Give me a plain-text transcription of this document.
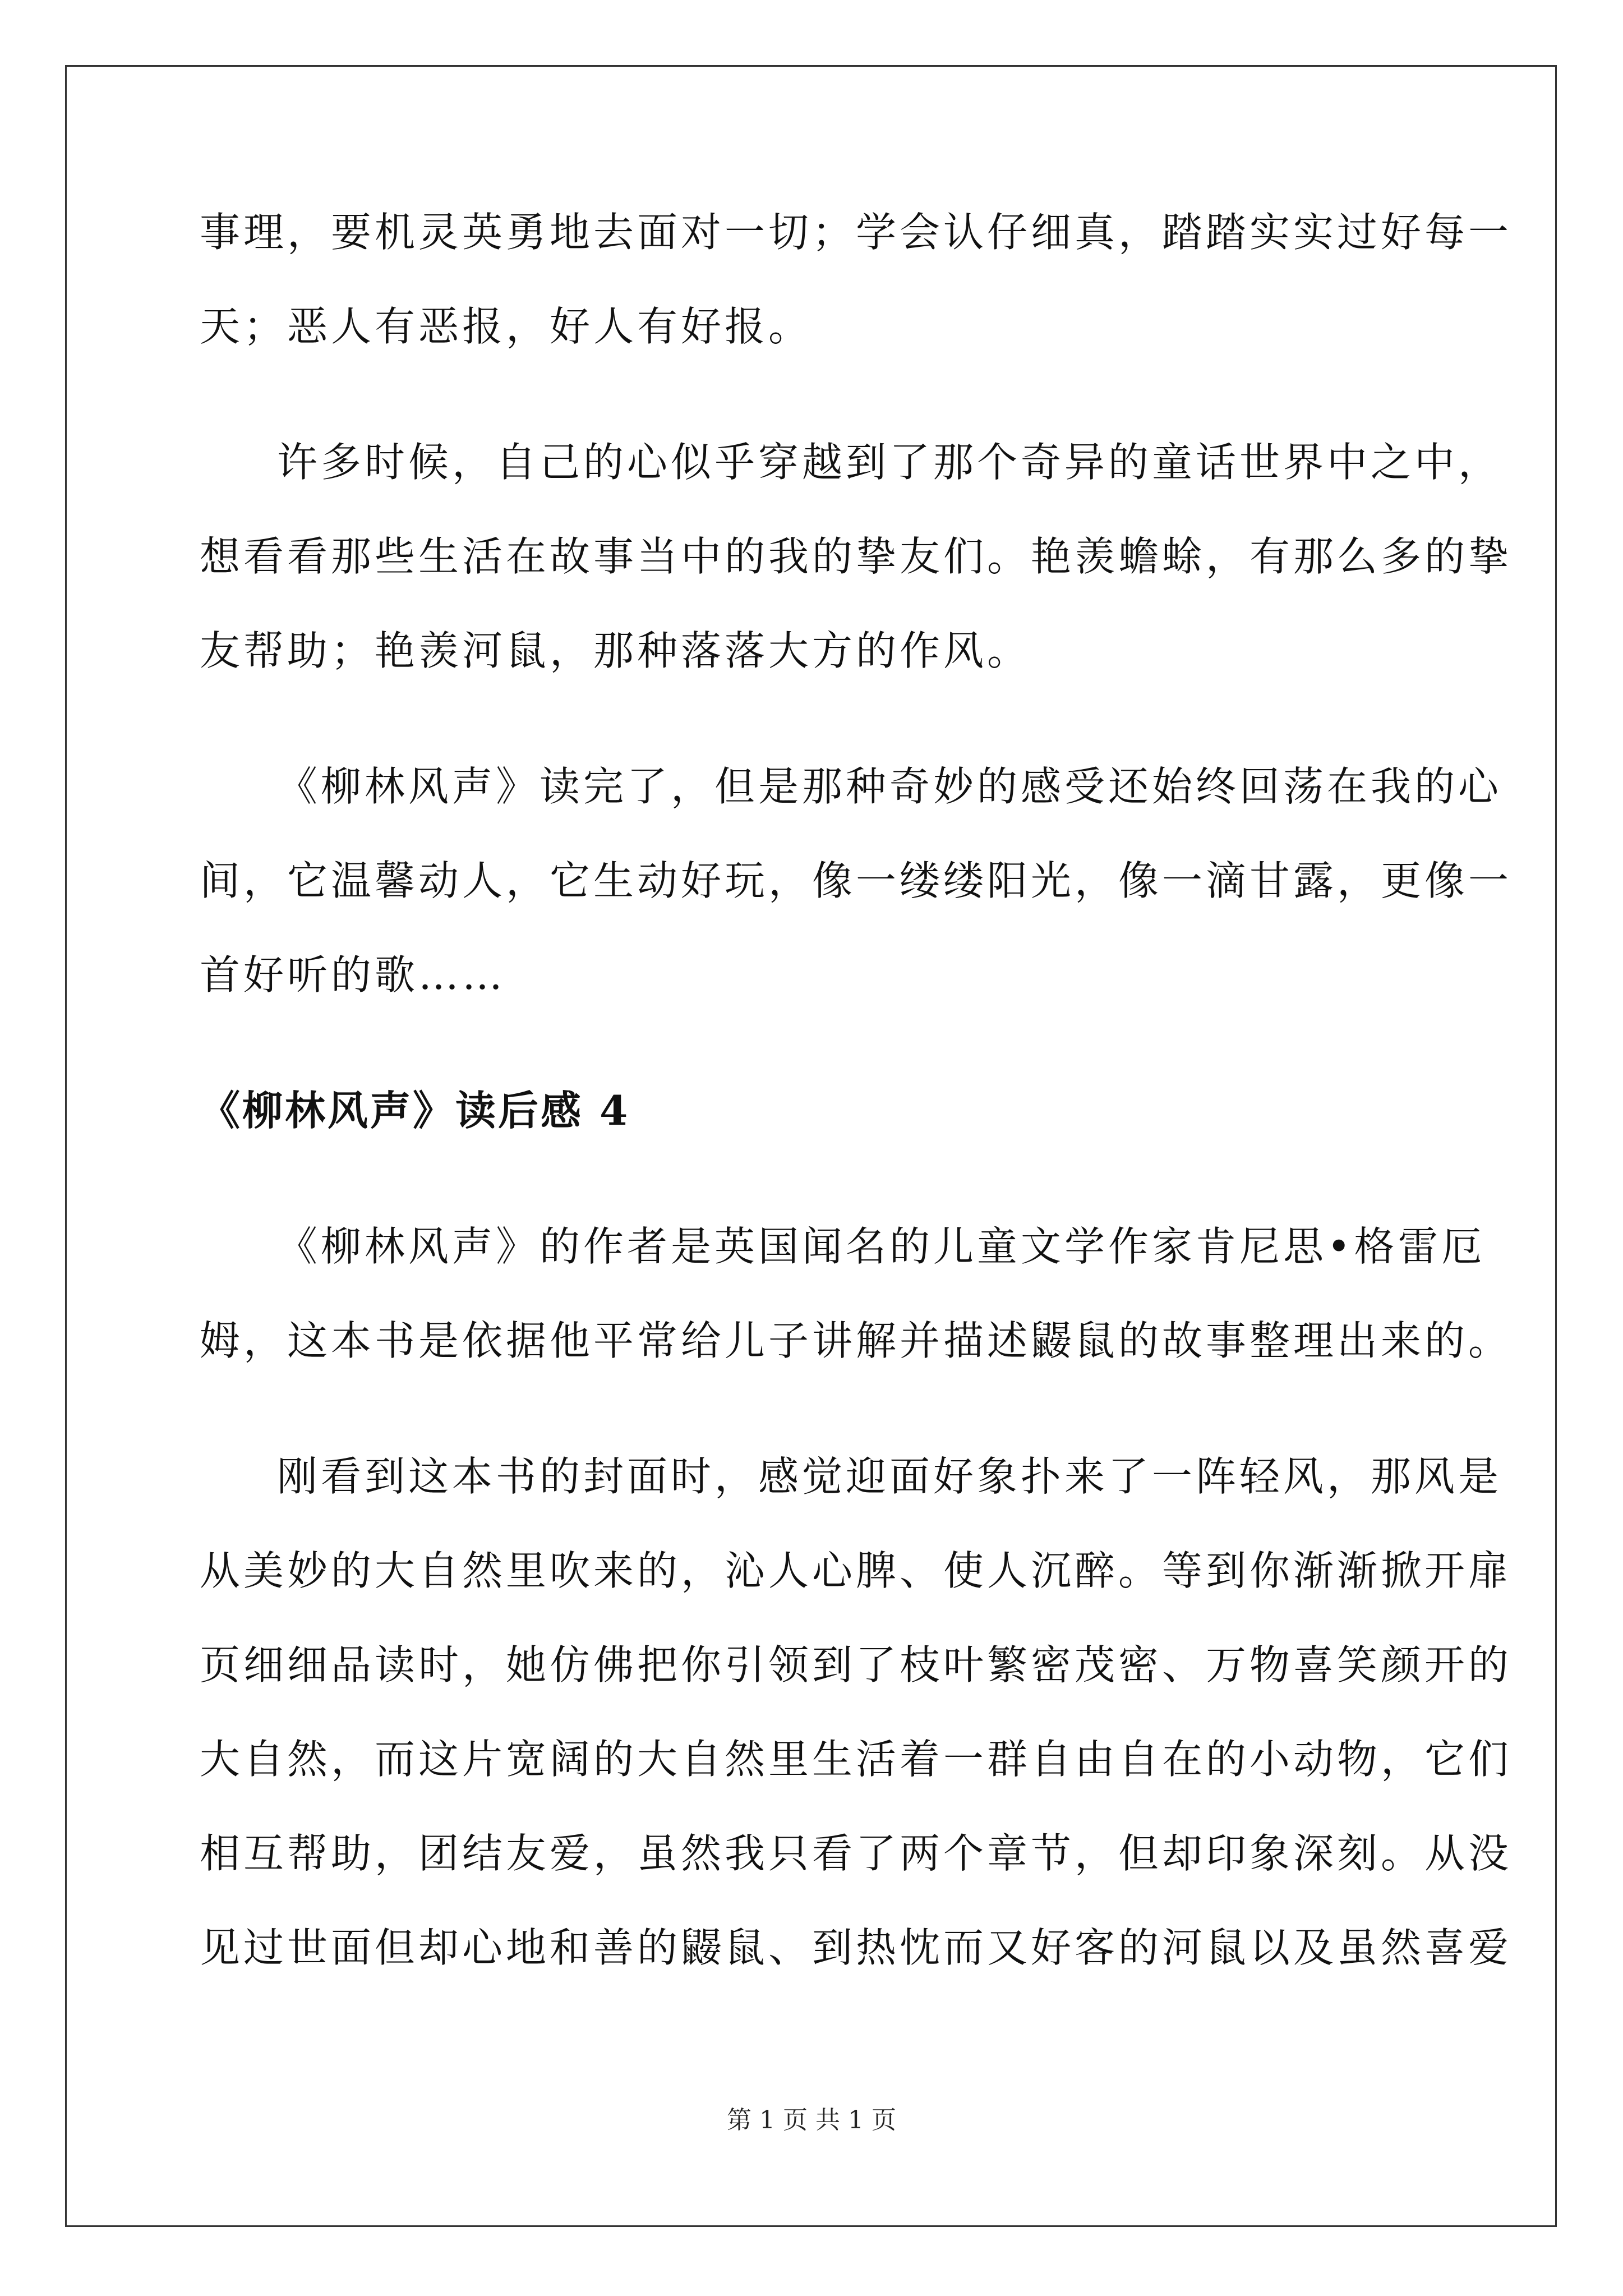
事理，要机灵英勇地去面对一切；学会认仔细真，踏踏实实过好每一

天；恶人有恶报，好人有好报。

许多时候，自己的心似乎穿越到了那个奇异的童话世界中之中，

想看看那些生活在故事当中的我的挚友们。艳羡蟾蜍，有那么多的挚

友帮助；艳羡河鼠，那种落落大方的作风。

《柳林风声》读完了，但是那种奇妙的感受还始终回荡在我的心

间，它温馨动人，它生动好玩，像一缕缕阳光，像一滴甘露，更像一

首好听的歌……

《柳林风声》读后感 4

《柳林风声》的作者是英国闻名的儿童文学作家肯尼思•格雷厄

姆，这本书是依据他平常给儿子讲解并描述鼹鼠的故事整理出来的。

刚看到这本书的封面时，感觉迎面好象扑来了一阵轻风，那风是

从美妙的大自然里吹来的，沁人心脾、使人沉醉。等到你渐渐掀开扉

页细细品读时，她仿佛把你引领到了枝叶繁密茂密、万物喜笑颜开的

大自然，而这片宽阔的大自然里生活着一群自由自在的小动物，它们

相互帮助，团结友爱，虽然我只看了两个章节，但却印象深刻。从没

见过世面但却心地和善的鼹鼠、到热忱而又好客的河鼠以及虽然喜爱

第 1 页 共 1 页
